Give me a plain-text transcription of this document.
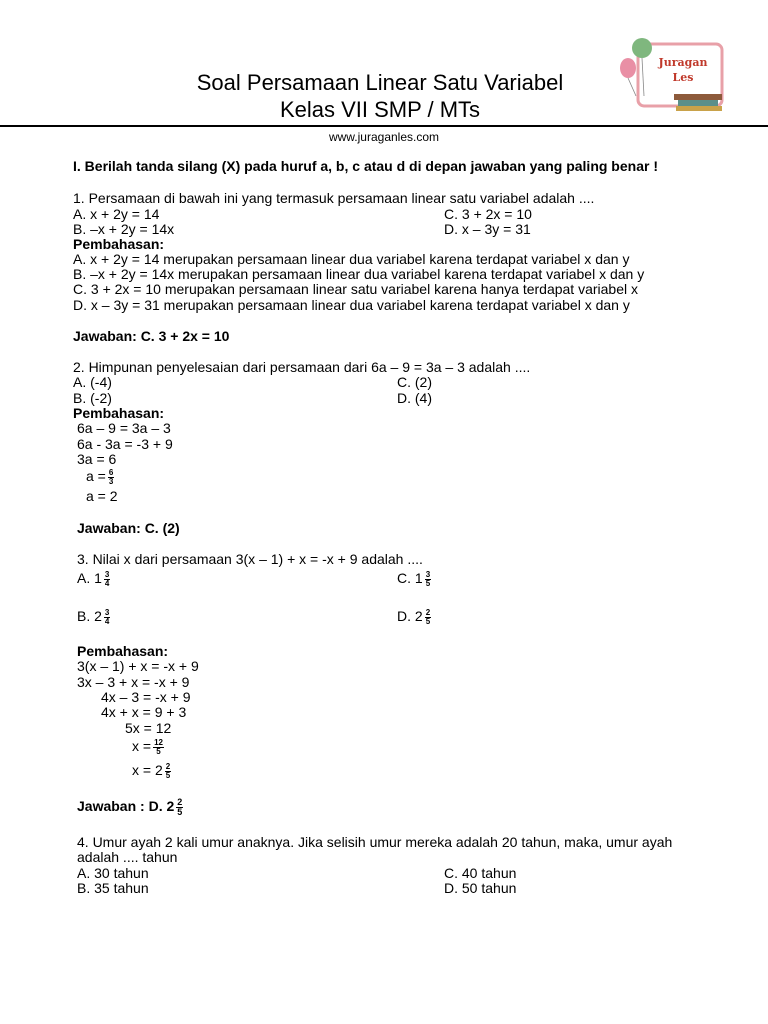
Soal Persamaan Linear Satu Variabel
Kelas VII SMP / MTs
Juragan
Les
www.juraganles.com
I. Berilah tanda silang (X) pada huruf a, b, c atau d di depan jawaban yang paling benar !
1. Persamaan di bawah ini yang termasuk persamaan linear satu variabel adalah ....
A. x + 2y = 14	C. 3 + 2x = 10
B. –x + 2y = 14x	D. x – 3y = 31
Pembahasan:
A. x + 2y = 14 merupakan persamaan linear dua variabel karena terdapat variabel x dan y
B. –x + 2y = 14x merupakan persamaan linear dua variabel karena terdapat variabel x dan y
C. 3 + 2x = 10 merupakan persamaan linear satu variabel karena hanya terdapat variabel x
D. x – 3y = 31 merupakan persamaan linear dua variabel karena terdapat variabel x dan y
Jawaban: C. 3 + 2x = 10
2. Himpunan penyelesaian dari persamaan dari 6a – 9 = 3a – 3 adalah ....
A. (-4)	C. (2)
B. (-2)	D. (4)
Pembahasan:
6a – 9 = 3a – 3
6a - 3a = -3 + 9
3a = 6
$a = \frac{6}{3}$
a = 2
Jawaban: C. (2)
3. Nilai x dari persamaan 3(x – 1) + x = -x + 9 adalah ....
A. $1 \frac{3}{4}$	C. $1 \frac{3}{5}$
B. $2 \frac{3}{4}$	D. $2 \frac{2}{5}$
Pembahasan:
3(x – 1) + x = -x + 9
3x – 3 + x = -x + 9
4x – 3 = -x + 9
4x + x = 9 + 3
5x = 12
$x = \frac{12}{5}$
$x = 2 \frac{2}{5}$
Jawaban : D. $2 \frac{2}{5}$
4. Umur ayah 2 kali umur anaknya. Jika selisih umur mereka adalah 20 tahun, maka, umur ayah
adalah .... tahun
A. 30 tahun	C. 40 tahun
B. 35 tahun	D. 50 tahun
